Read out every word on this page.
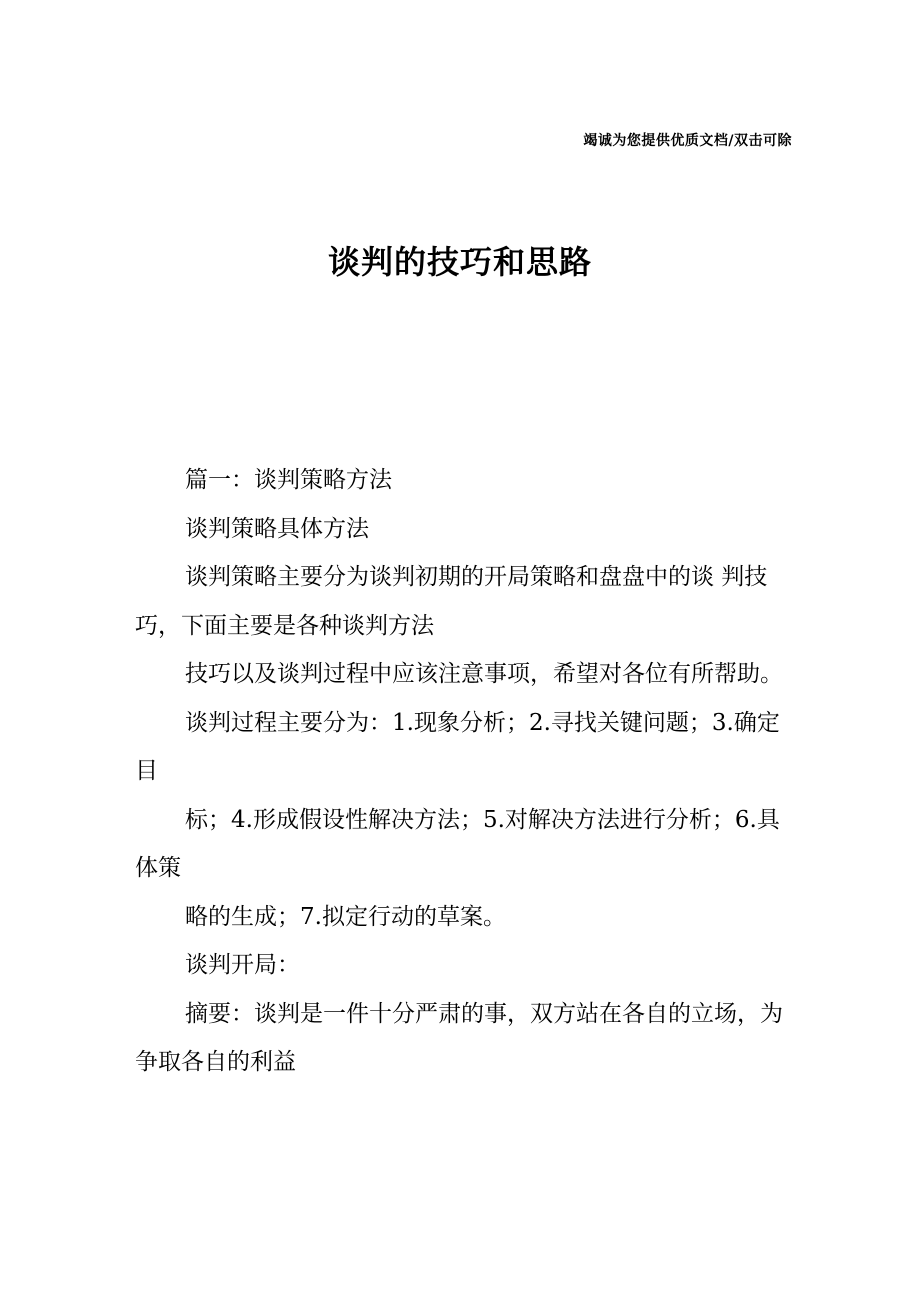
竭诚为您提供优质文档/双击可除
谈判的技巧和思路

篇一：谈判策略方法

谈判策略具体方法

谈判策略主要分为谈判初期的开局策略和盘盘中的谈 判技巧，下面主要是各种谈判方法

技巧以及谈判过程中应该注意事项，希望对各位有所帮助。

谈判过程主要分为：1.现象分析；2.寻找关键问题；3.确定目

标；4.形成假设性解决方法；5.对解决方法进行分析；6.具体策

略的生成；7.拟定行动的草案。

谈判开局：

摘要：谈判是一件十分严肃的事，双方站在各自的立场，为争取各自的利益
